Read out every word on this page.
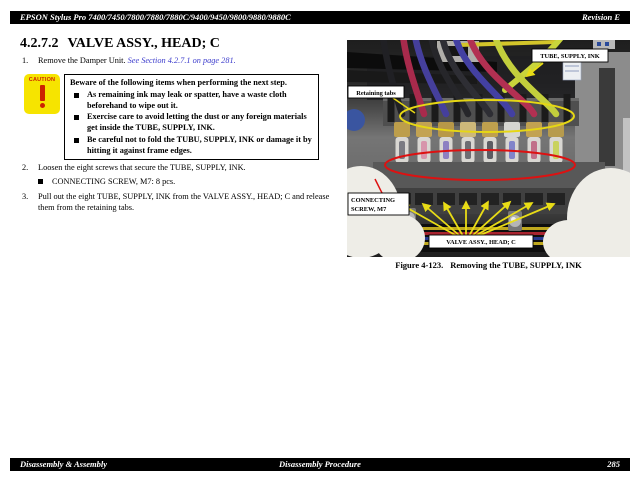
EPSON Stylus Pro 7400/7450/7800/7880/7880C/9400/9450/9800/9880/9880C	Revision E
4.2.7.2 VALVE ASSY., HEAD; C
1.	Remove the Damper Unit. See Section 4.2.7.1 on page 281.
CAUTION	Beware of the following items when performing the next step.
As remaining ink may leak or spatter, have a waste cloth beforehand to wipe out it.
Exercise care to avoid letting the dust or any foreign materials get inside the TUBE, SUPPLY, INK.
Be careful not to fold the TUBU, SUPPLY, INK or damage it by hitting it against frame edges.
2.	Loosen the eight screws that secure the TUBE, SUPPLY, INK.
CONNECTING SCREW, M7: 8 pcs.
3.	Pull out the eight TUBE, SUPPLY, INK from the VALVE ASSY., HEAD; C and release them from the retaining tabs.
TUBE, SUPPLY, INK
Retaining tabs
CONNECTING
SCREW, M7
VALVE ASSY., HEAD; C
Figure 4-123. Removing the TUBE, SUPPLY, INK
Disassembly & Assembly	Disassembly Procedure	285
